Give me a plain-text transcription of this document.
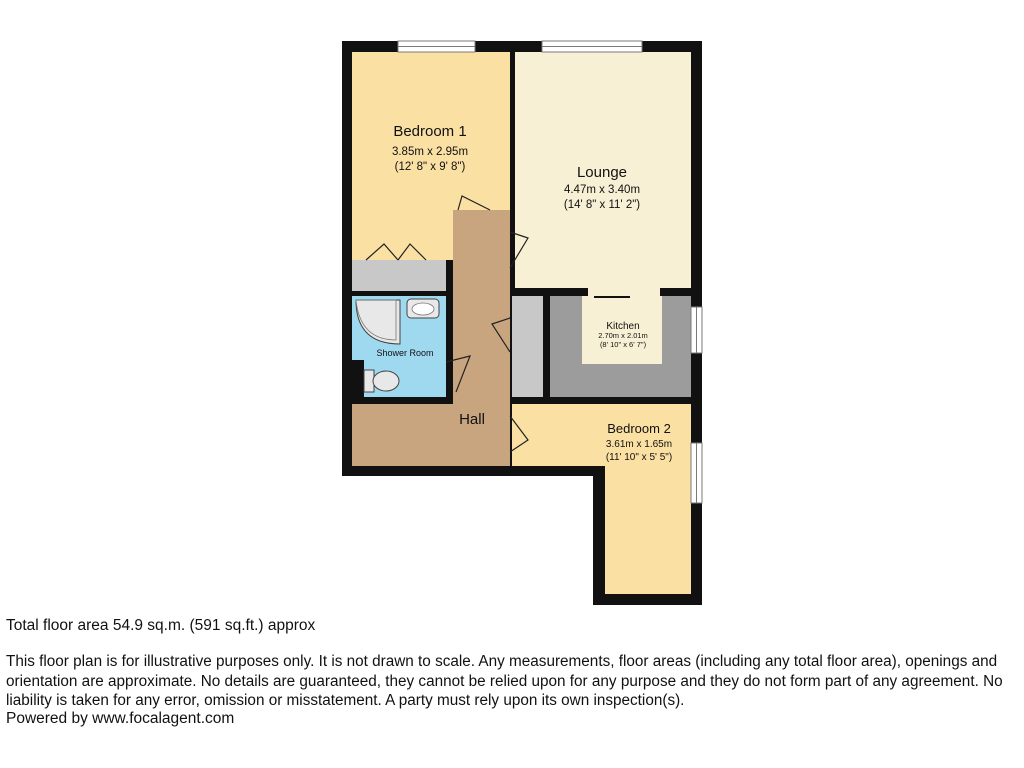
Bedroom 1
3.85m x 2.95m
(12' 8" x 9' 8")	Lounge
4.47m x 3.40m
(14' 8" x 11' 2")
Kitchen
2.70m x 2.01m
(8' 10" x 6' 7")
Shower Room
Hall
Bedroom 2
3.61m x 1.65m
(11' 10" x 5' 5")
Total floor area 54.9 sq.m. (591 sq.ft.) approx
This floor plan is for illustrative purposes only. It is not drawn to scale. Any measurements, floor areas (including any total floor area), openings and orientation are approximate. No details are guaranteed, they cannot be relied upon for any purpose and they do not form part of any agreement. No liability is taken for any error, omission or misstatement. A party must rely upon its own inspection(s).
Powered by www.focalagent.com
